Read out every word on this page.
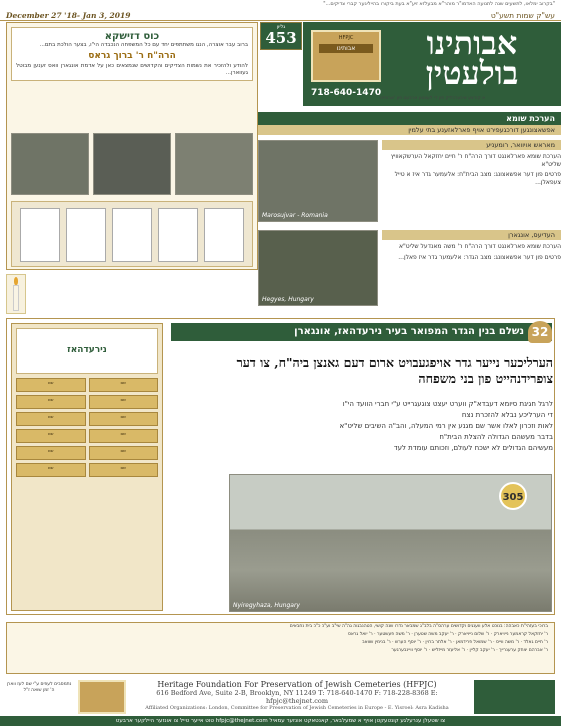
"בקרוב ימלאו, לתשעים שנה לתנועה האדמו"ר מוהר"א מבעלזא זיע"א בעת ביקורו בהייליגער קברי צדיקים..."
December 27 '18- Jan 3, 2019	עש"ק שמות תשע"ט
גליון
453	אבותינו בולעטין
HFPJC
אבותינו
718-640-1470
א קורצע איבערבליק פון די לעצטע ארבעט פון 'אבותינו'
כוס דזישקא
ברוב עבר אוצרה, הנגו משתתפים יחד עם כל המשפחה הנכבדה הי"ו, בצער הולכת בתם...
הרה"ח ר' ברוך גראס
להודע ולהזכיר את נשמות הצדיקים והקדושים שנמצאים כאן על אדמת אונגארן וואס זענען מבוטל געווארן...
הערכת שומא
אפשאצונגען דורכגעפירט אויף פארלאזענע בתי עלמין
Marosujvar - Romania
מאראש אויוואר, רומעניע
הערכת שומא פארלאנגט דורך הרה"ח ר' חיים יחזקאל הערשקאוויץ שליט"א
פרטים פון דער אפשאצונג: מצב הבית"ח: אלעמער גדר איז א טייל צעפאלן...
Hegyes, Hungary
העדיעס, אונגארן
הערכת שומא פארלאנגט דורך הרה"ח ר' משה מאנדעל שליט"א
פרטים פון דער אפשאצונג: מצב הגדר: אלעמער גדר איז פאלן...
נשלם בנין הגדר המפואר בעיר נירעדהאז, אונגארן 32
נירעדהאז
שם	שם
שם	שם
שם	שם
שם	שם
שם	שם
שם	שם
הערליכער נייער גדר אויפגעבויט ארום דעם גאנצן ביה"ח, צו דער צופרידנהייט פון בני משפחה
לרגל חגיגת סיומא דעבדא"ק ווערט יעצט צוגעגרייט ע"י חברי הוועד הי"ו
די הערליכע נבלא להזכרת נצח
לאות וזכרון לאלו אשר שם מגנע אין רמי המעלה, והב"ה השיבים שליט"א
בדבר מעשהם הגדולה להצלת הבית"ח
מעשיהם הגדולים לא ישכח לעולם, וזכותם עומדת לעד
Nyiregyhaza, Hungary
305
ברוכי בעזהי"ת כאבהה: בנוכט אלע ווענגים וקדושים ערהס"ה בלב"ג שמבאר נדרו שנה קושי, הטהנבגוה גה"ה שי"ב וע"כ כ"כ בית נחבאים
ר' יחזקאל קראמער נייויארק · ר' שלום נייויארק · ר' יעקב משה שטערן · ר' משה פעשטער · ר' יואל גראס
ר' חיים גאלד · ר' משה ווייס · ר' שמואל פרידמאן · ר' אלתר ברוין · ר' יוסף הערש · ר' בנימין שוואב
ר' אברהם יצחק ערענרייך · ר' יעקב קליין · ר' אליעזר מייזליש · ר' יוסף וויינבערגער
נתמסבים לעוזים ע"י שם לעז ווארן ה' זמן שואה ז"ל
Heritage Foundation For Preservation of Jewish Cemeteries (HFPJC)
616 Bedford Ave, Suite 2-B, Brooklyn, NY 11249 T: 718-640-1470 F: 718-228-8368 E: hfpjc@thejnet.com
Affiliated Organizations: London, Committee for Preservation of Jewish Cemeteries in Europe - E. Yisroel: Asra Kadisha
צו שטעלן ענרעלגע קונטעקטן אויף א שמעלבאר, קאנטאקט אונזער עמאיל hfpjc@thejnet.com טוט אייער טייל צו אונזער היילקער ארבעט
